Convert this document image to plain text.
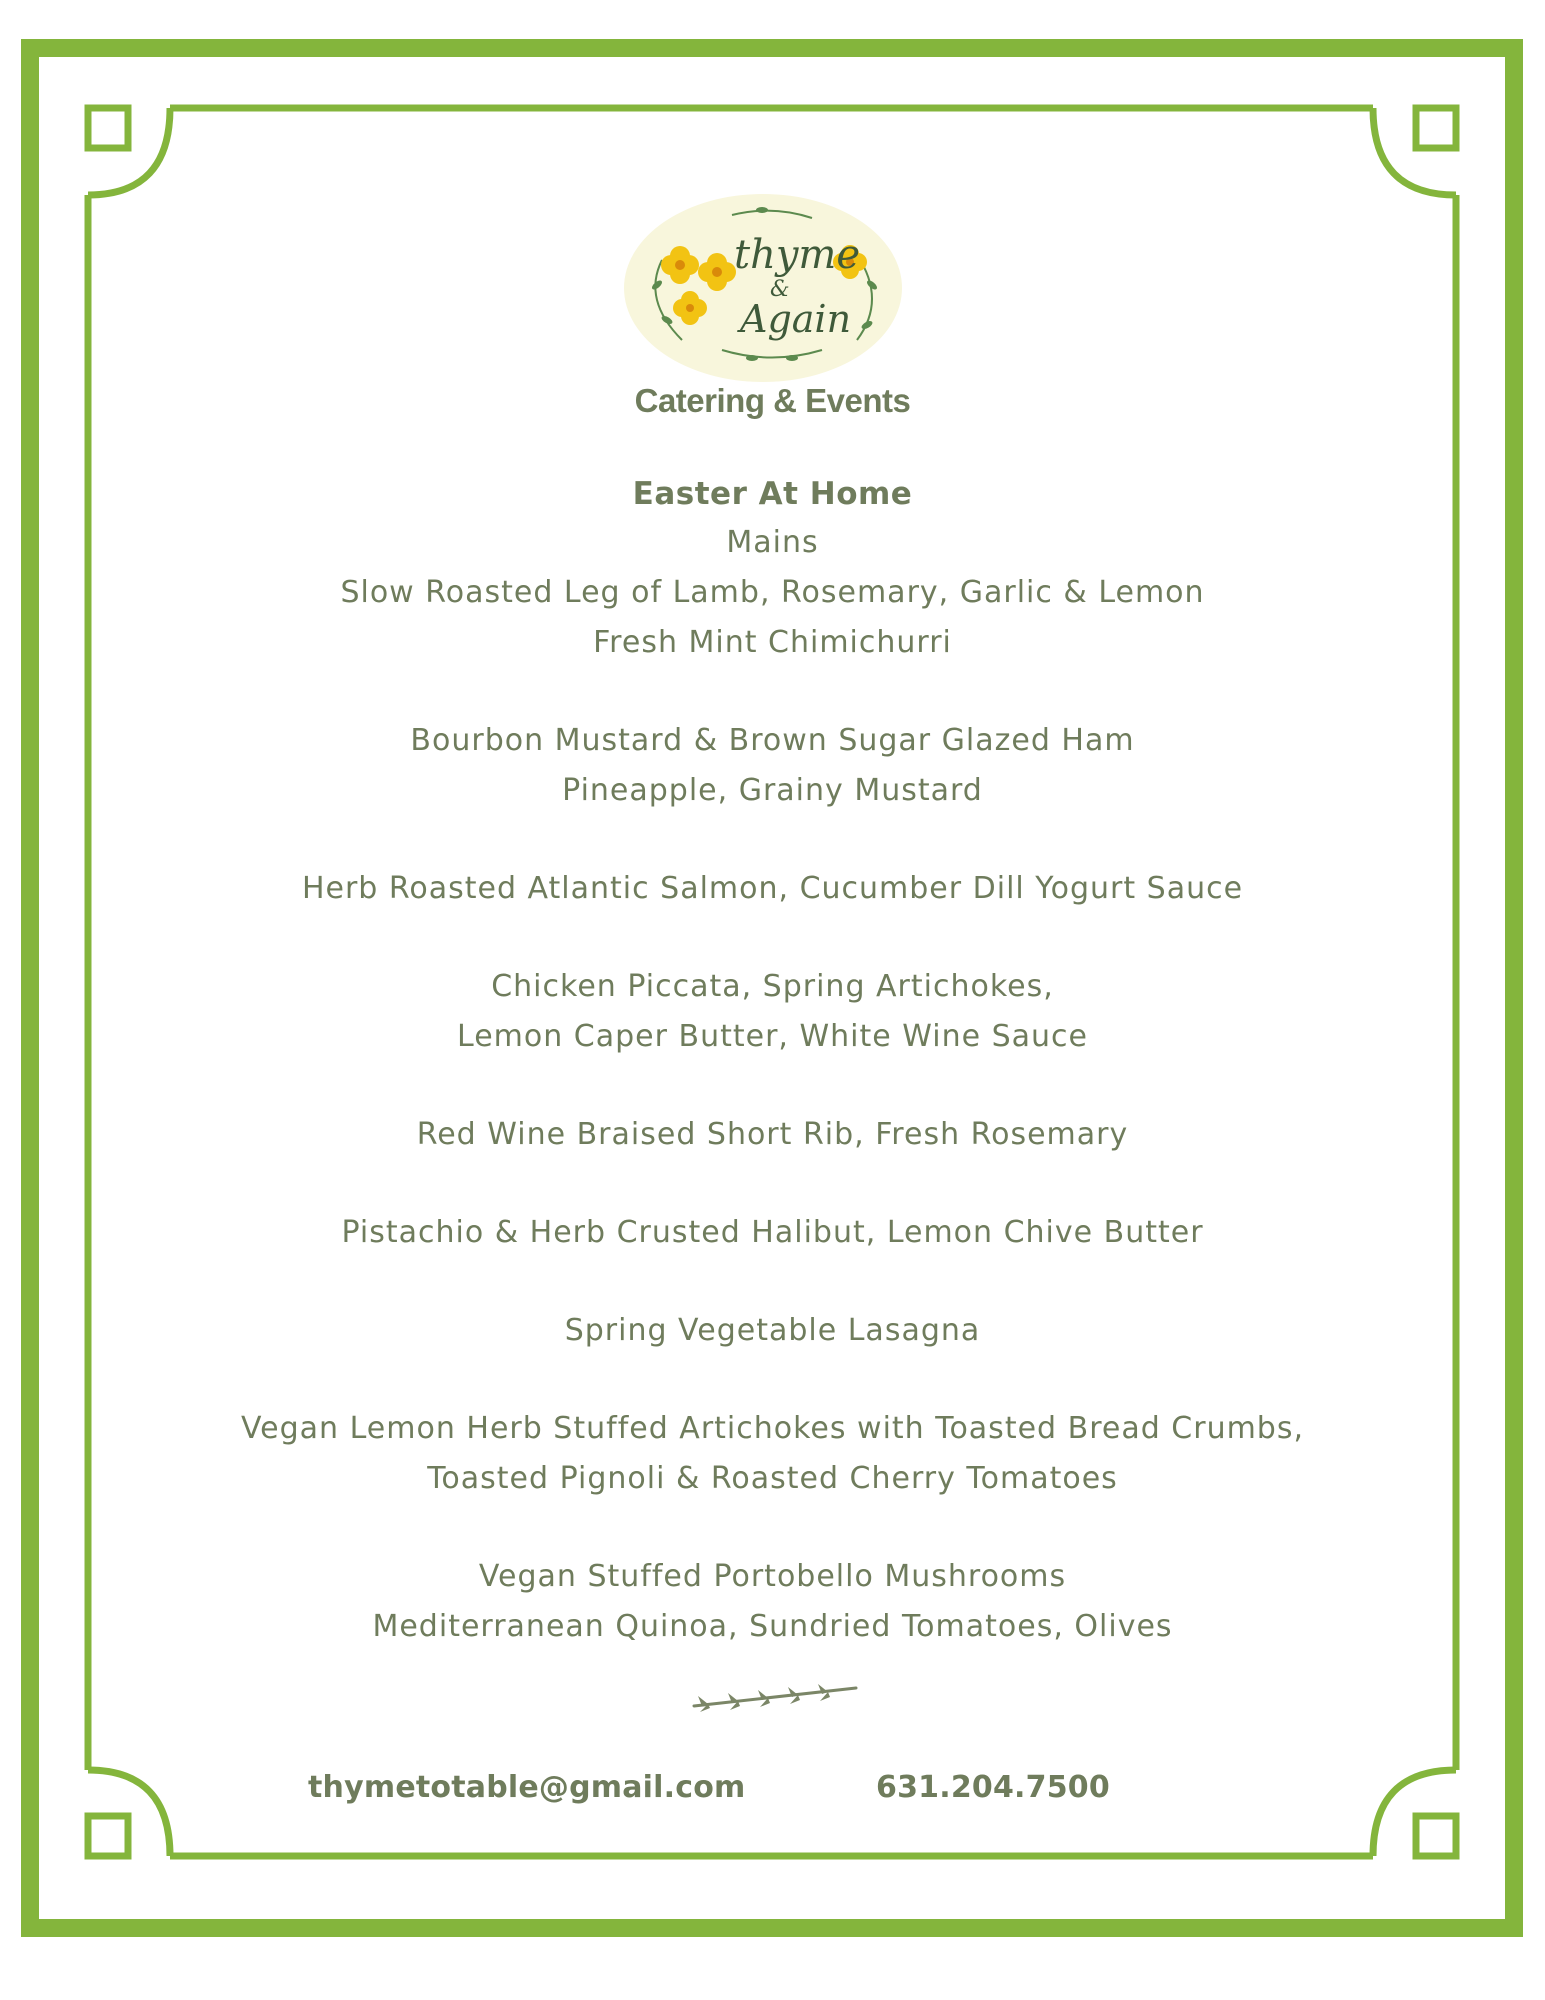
thyme
&
Again
Catering & Events
Easter At Home

Mains

Slow Roasted Leg of Lamb, Rosemary, Garlic & Lemon
Fresh Mint Chimichurri
Bourbon Mustard & Brown Sugar Glazed Ham
Pineapple, Grainy Mustard
Herb Roasted Atlantic Salmon, Cucumber Dill Yogurt Sauce
Chicken Piccata, Spring Artichokes,
Lemon Caper Butter, White Wine Sauce
Red Wine Braised Short Rib, Fresh Rosemary
Pistachio & Herb Crusted Halibut, Lemon Chive Butter
Spring Vegetable Lasagna
Vegan Lemon Herb Stuffed Artichokes with Toasted Bread Crumbs,
Toasted Pignoli & Roasted Cherry Tomatoes
Vegan Stuffed Portobello Mushrooms
Mediterranean Quinoa, Sundried Tomatoes, Olives
thymetotable@gmail.com	631.204.7500
